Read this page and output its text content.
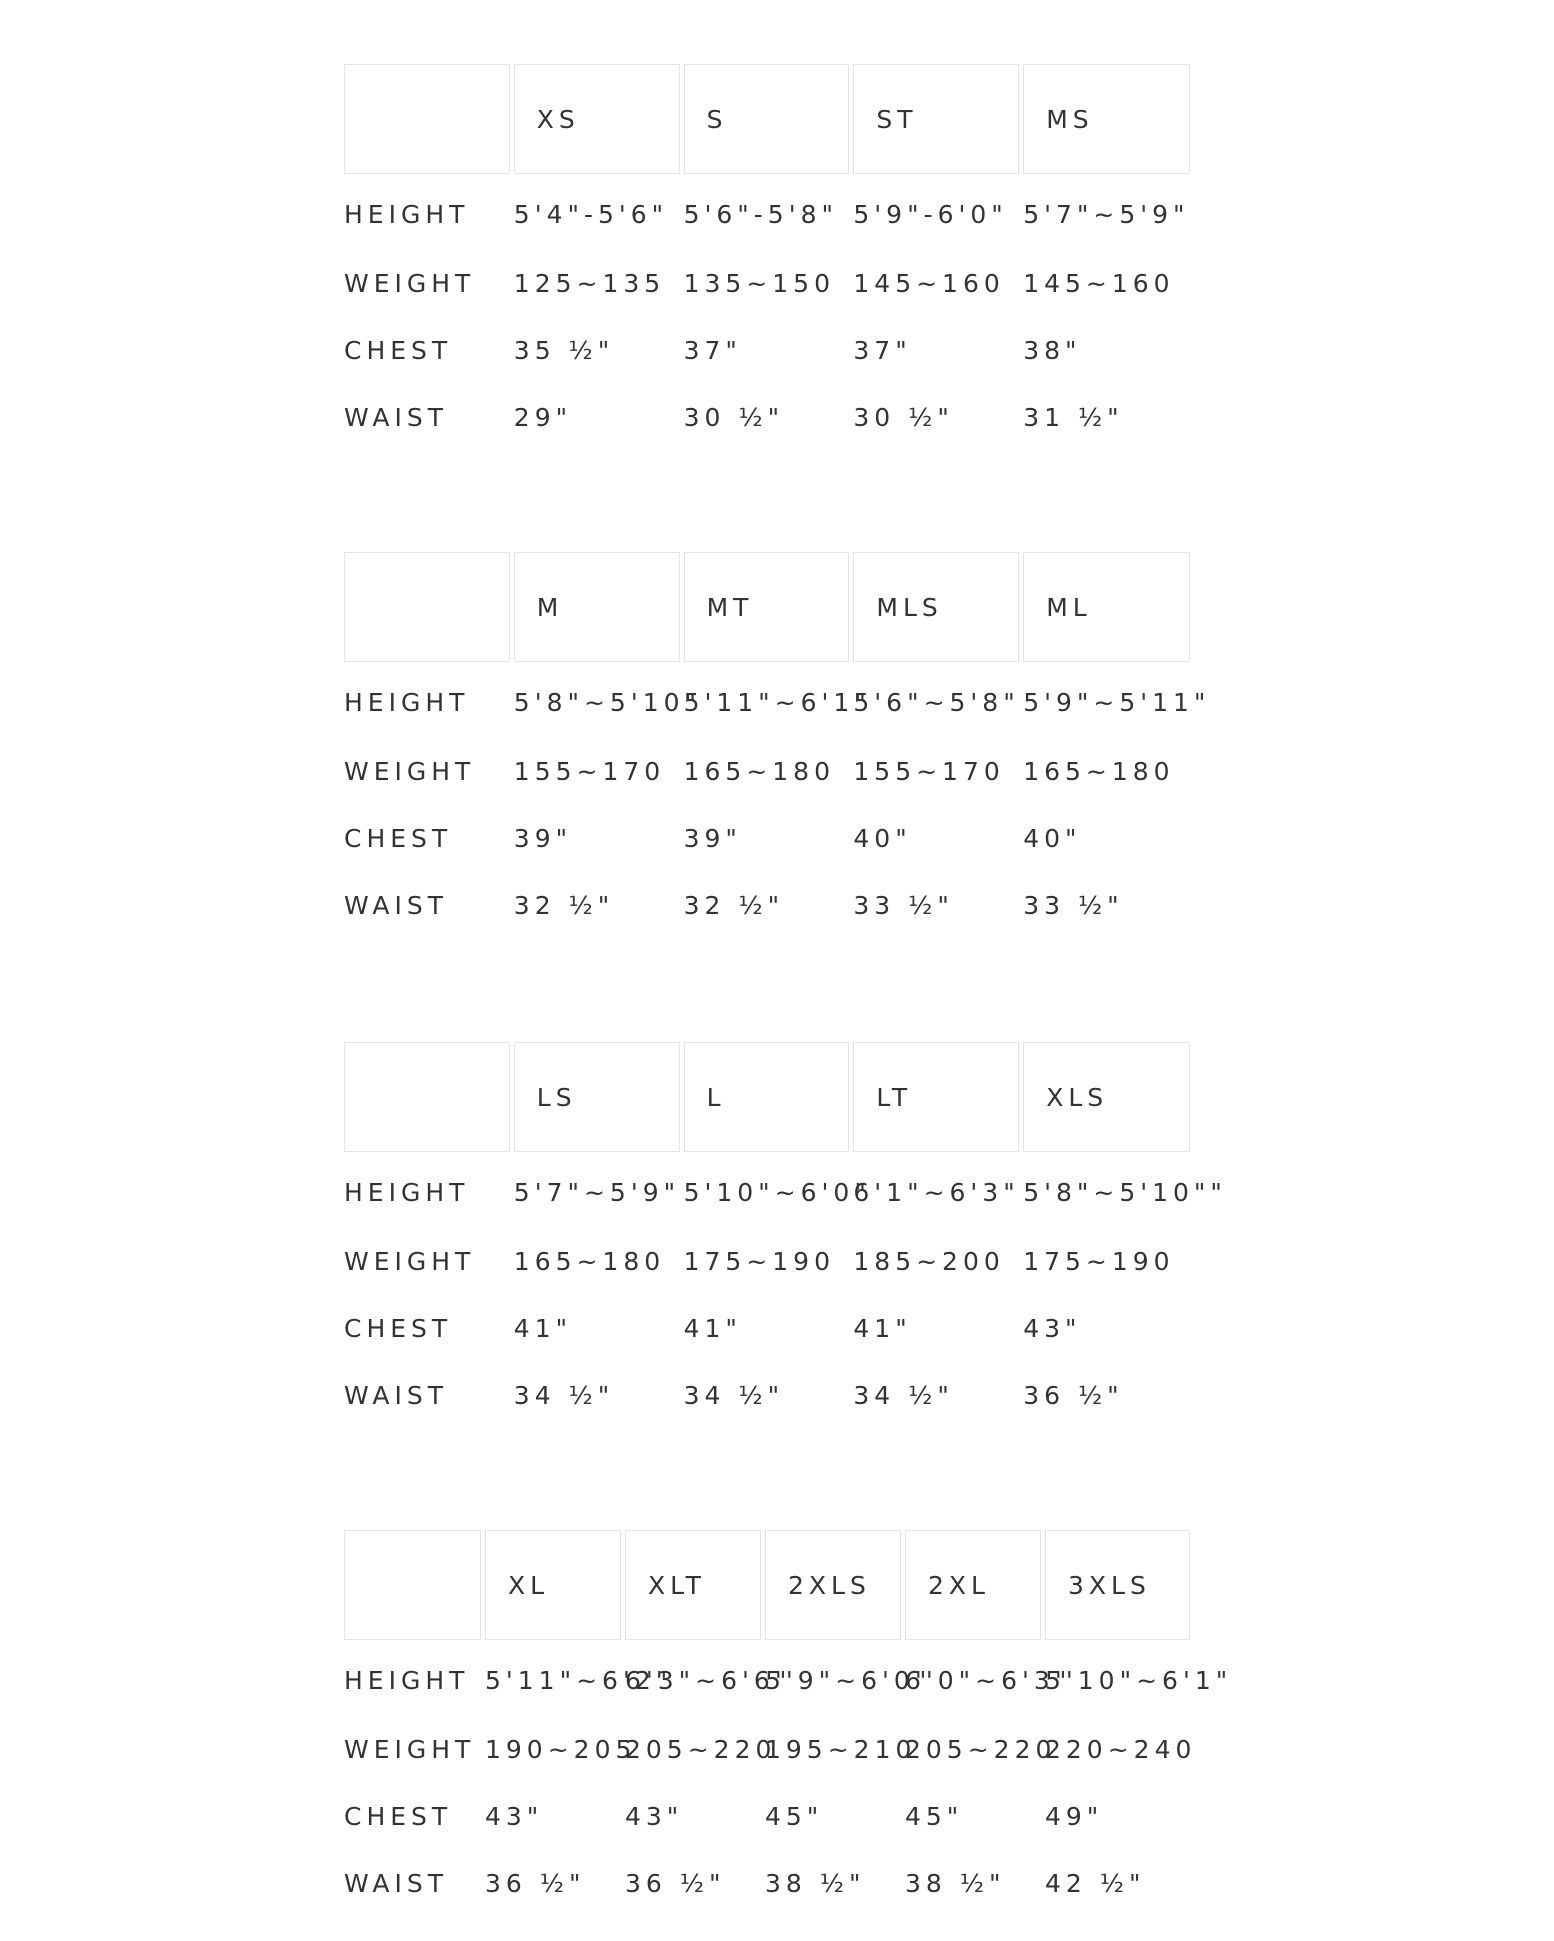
		XS		S		ST		MS
HEIGHT		5'4"-5'6"		5'6"-5'8"		5'9"-6'0"		5'7"~5'9"
WEIGHT		125~135		135~150		145~160		145~160
CHEST		35 ½"		37"		37"		38"
WAIST		29"		30 ½"		30 ½"		31 ½"
		M		MT		MLS		ML
HEIGHT		5'8"~5'10"		5'11"~6'1"		5'6"~5'8"		5'9"~5'11"
WEIGHT		155~170		165~180		155~170		165~180
CHEST		39"		39"		40"		40"
WAIST		32 ½"		32 ½"		33 ½"		33 ½"
		LS		L		LT		XLS
HEIGHT		5'7"~5'9"		5'10"~6'0"		6'1"~6'3"		5'8"~5'10""
WEIGHT		165~180		175~190		185~200		175~190
CHEST		41"		41"		41"		43"
WAIST		34 ½"		34 ½"		34 ½"		36 ½"
		XL		XLT		2XLS		2XL		3XLS
HEIGHT		5'11"~6'2"		6'3"~6'6"		5'9"~6'0"		6'0"~6'3"		5'10"~6'1"
WEIGHT		190~205		205~220		195~210		205~220		220~240
CHEST		43"		43"		45"		45"		49"
WAIST		36 ½"		36 ½"		38 ½"		38 ½"		42 ½"
